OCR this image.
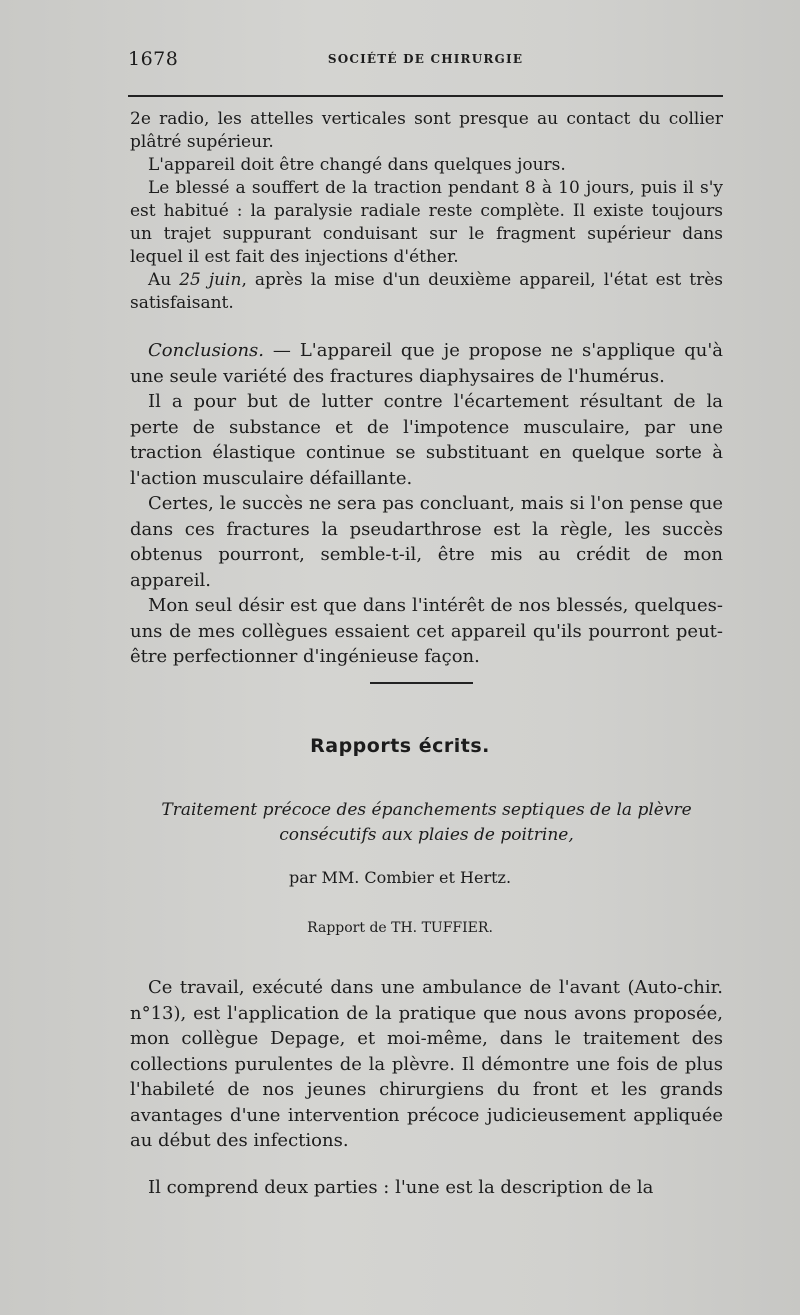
1678	SOCIÉTÉ DE CHIRURGIE

2e radio, les attelles verticales sont presque au contact du collier plâtré supérieur.

L'appareil doit être changé dans quelques jours.

Le blessé a souffert de la traction pendant 8 à 10 jours, puis il s'y est habitué : la paralysie radiale reste complète. Il existe toujours un trajet suppurant conduisant sur le fragment supérieur dans lequel il est fait des injections d'éther.

Au 25 juin, après la mise d'un deuxième appareil, l'état est très satisfaisant.

Conclusions. — L'appareil que je propose ne s'applique qu'à une seule variété des fractures diaphysaires de l'humérus.

Il a pour but de lutter contre l'écartement résultant de la perte de substance et de l'impotence musculaire, par une traction élastique continue se substituant en quelque sorte à l'action musculaire défaillante.

Certes, le succès ne sera pas concluant, mais si l'on pense que dans ces fractures la pseudarthrose est la règle, les succès obtenus pourront, semble-t-il, être mis au crédit de mon appareil.

Mon seul désir est que dans l'intérêt de nos blessés, quelques-uns de mes collègues essaient cet appareil qu'ils pourront peut-être perfectionner d'ingénieuse façon.

Rapports écrits.
Traitement précoce des épanchements septiques de la plèvre consécutifs aux plaies de poitrine,
par MM. Combier et Hertz.
Rapport de TH. TUFFIER.

Ce travail, exécuté dans une ambulance de l'avant (Auto-chir. n°13), est l'application de la pratique que nous avons proposée, mon collègue Depage, et moi-même, dans le traitement des collections purulentes de la plèvre. Il démontre une fois de plus l'habileté de nos jeunes chirurgiens du front et les grands avantages d'une intervention précoce judicieusement appliquée au début des infections.

Il comprend deux parties : l'une est la description de la
